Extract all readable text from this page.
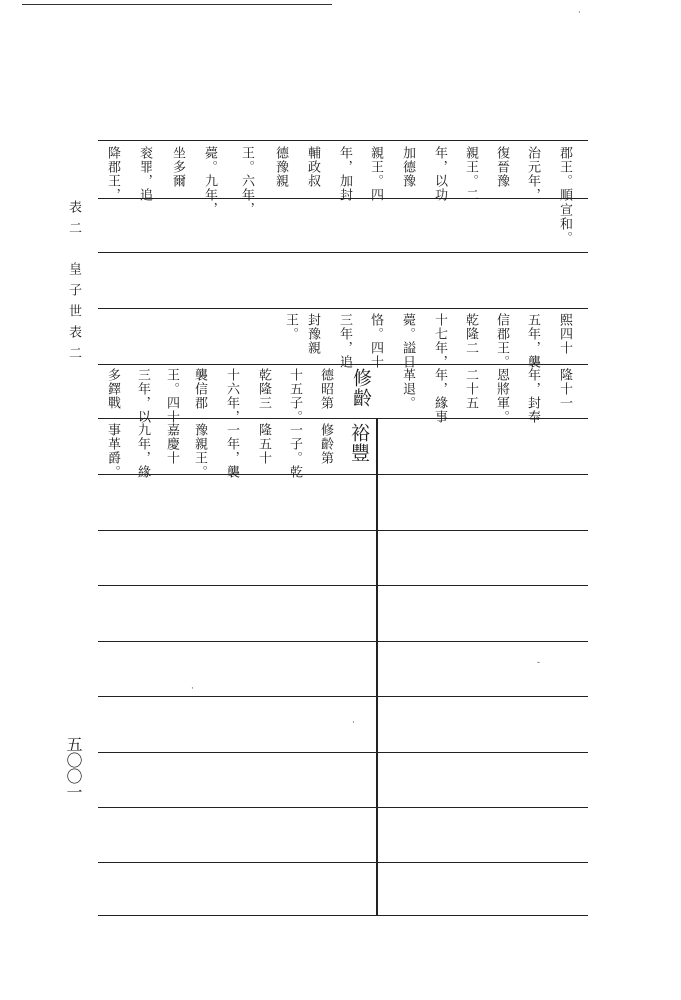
表二
皇子世表二
五〇〇一
郡王。順
治元年，
復晉豫
親王。二
年，以功
加德豫
親王。四
年，加封
輔政叔
德豫親
王。六年，
薨。九年，
坐多爾
衮罪，追
降郡王，
宣和。
熙四十
五年，襲
信郡王。
乾隆二
十七年，
薨。謚日
恪。四十
三年，追
封豫親
王。
隆十一
年，封奉
恩將軍。
二十五
年，緣事
革退。
修齡
德昭第
十五子。
乾隆三
十六年，
襲信郡
王。四十
三年，以
多鐸戰
裕豐
修齡第
一子。乾
隆五十
一年，襲
豫親王。
嘉慶十
九年，緣
事革爵。
·
-
·
·
